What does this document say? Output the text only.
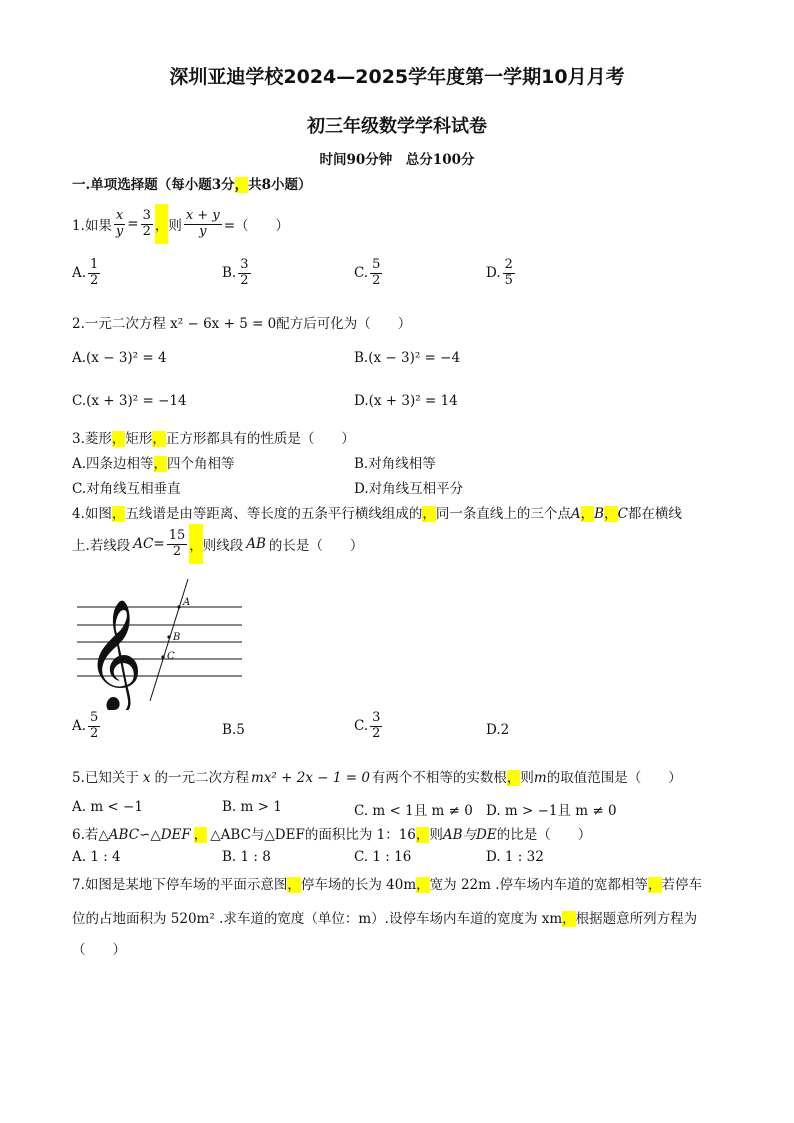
深圳亚迪学校2024—2025学年度第一学期10月月考
初三年级数学学科试卷
时间90分钟　总分100分
一.单项选择题（每小题3分，共8小题）
1.如果 $\frac{x}{y} = \frac{3}{2}$ ， 则 $\frac{x + y}{y}$ =（　　）
A. $\frac{1}{2}$	B. $\frac{3}{2}$	C. $\frac{5}{2}$	D. $\frac{2}{5}$
2.一元二次方程 x² − 6x + 5 = 0配方后可化为（　　）
A.(x − 3)² = 4	B.(x − 3)² = −4
C.(x + 3)² = −14	D.(x + 3)² = 14
3.菱形，矩形，正方形都具有的性质是（　　）
A.四条边相等，四个角相等	B.对角线相等
C.对角线互相垂直	D.对角线互相平分
4.如图，五线谱是由等距离、等长度的五条平行横线组成的，同一条直线上的三个点A，B，C都在横线
上.若线段 AC = $\frac{15}{2}$ ， 则线段 AB 的长是（　　）
𝄞	A
B
C
A. $\frac{5}{2}$	B.5	C. $\frac{3}{2}$	D.2
5.已知关于 x 的一元二次方程 mx² + 2x − 1 = 0 有两个不相等的实数根，则m的取值范围是（　　）
A. m < −1	B. m > 1	C. m < 1且 m ≠ 0 D. m > −1且 m ≠ 0
6.若△ABC∽△DEF ， △ABC与△DEF的面积比为 1：16，则AB与DE的比是（　　）
A. 1 : 4	B. 1 : 8	C. 1 : 16	D. 1 : 32
7.如图是某地下停车场的平面示意图，停车场的长为 40m，宽为 22m .停车场内车道的宽都相等，若停车
位的占地面积为 520m² .求车道的宽度（单位：m）.设停车场内车道的宽度为 xm，根据题意所列方程为
（　　）
